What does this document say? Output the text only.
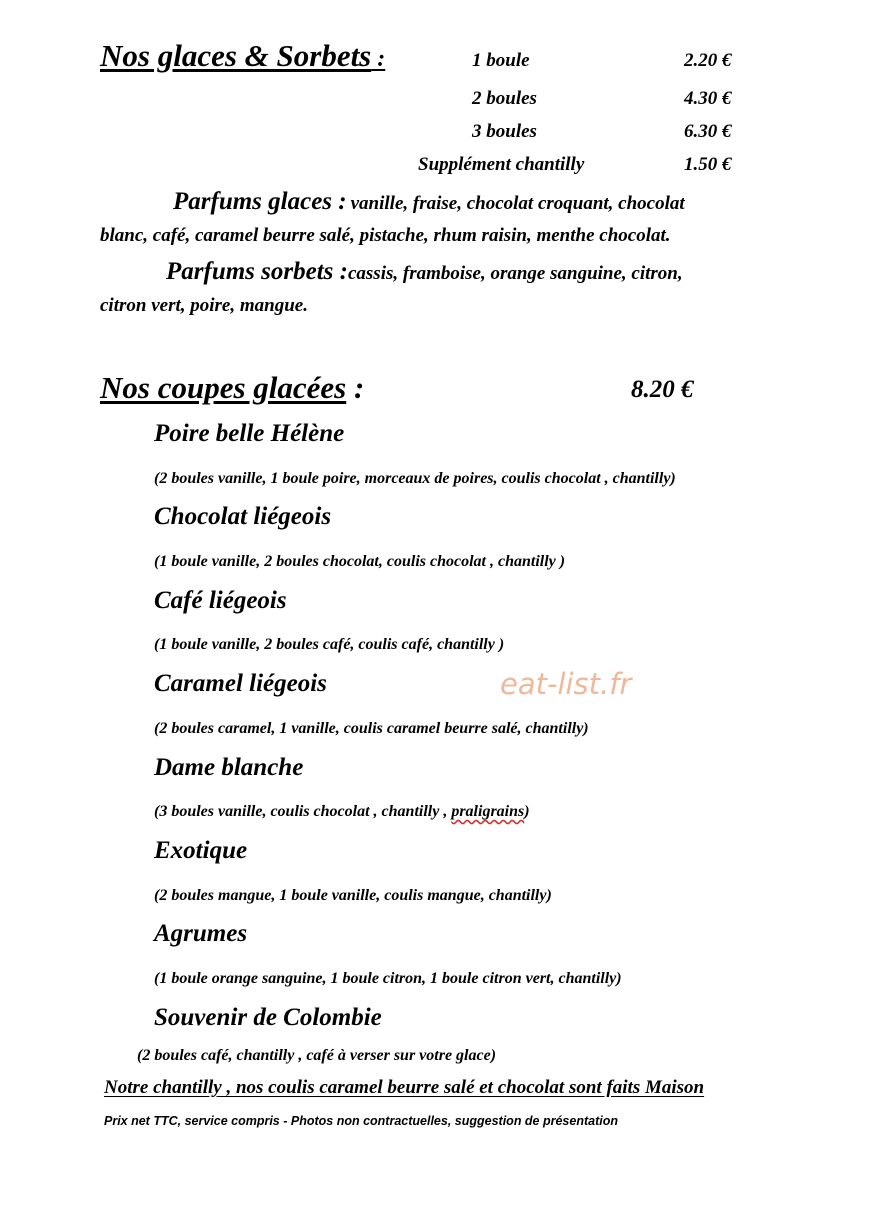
Nos glaces & Sorbets :	1 boule	2.20 €
2 boules	4.30 €
3 boules	6.30 €
Supplément chantilly	1.50 €
Parfums glaces : vanille, fraise, chocolat croquant, chocolat
blanc, café, caramel beurre salé, pistache, rhum raisin, menthe chocolat.
Parfums sorbets :cassis, framboise, orange sanguine, citron,
citron vert, poire, mangue.
Nos coupes glacées :	8.20 €
Poire belle Hélène
(2 boules vanille, 1 boule poire, morceaux de poires, coulis chocolat , chantilly)
Chocolat liégeois
(1 boule vanille, 2 boules chocolat, coulis chocolat , chantilly )
Café liégeois
(1 boule vanille, 2 boules café, coulis café, chantilly )
Caramel liégeois	eat-list.fr
(2 boules caramel, 1 vanille, coulis caramel beurre salé, chantilly)
Dame blanche
(3 boules vanille, coulis chocolat , chantilly , praligrains)
Exotique
(2 boules mangue, 1 boule vanille, coulis mangue, chantilly)
Agrumes
(1 boule orange sanguine, 1 boule citron, 1 boule citron vert, chantilly)
Souvenir de Colombie
(2 boules café, chantilly , café à verser sur votre glace)
Notre chantilly , nos coulis caramel beurre salé et chocolat sont faits Maison
Prix net TTC, service compris - Photos non contractuelles, suggestion de présentation
